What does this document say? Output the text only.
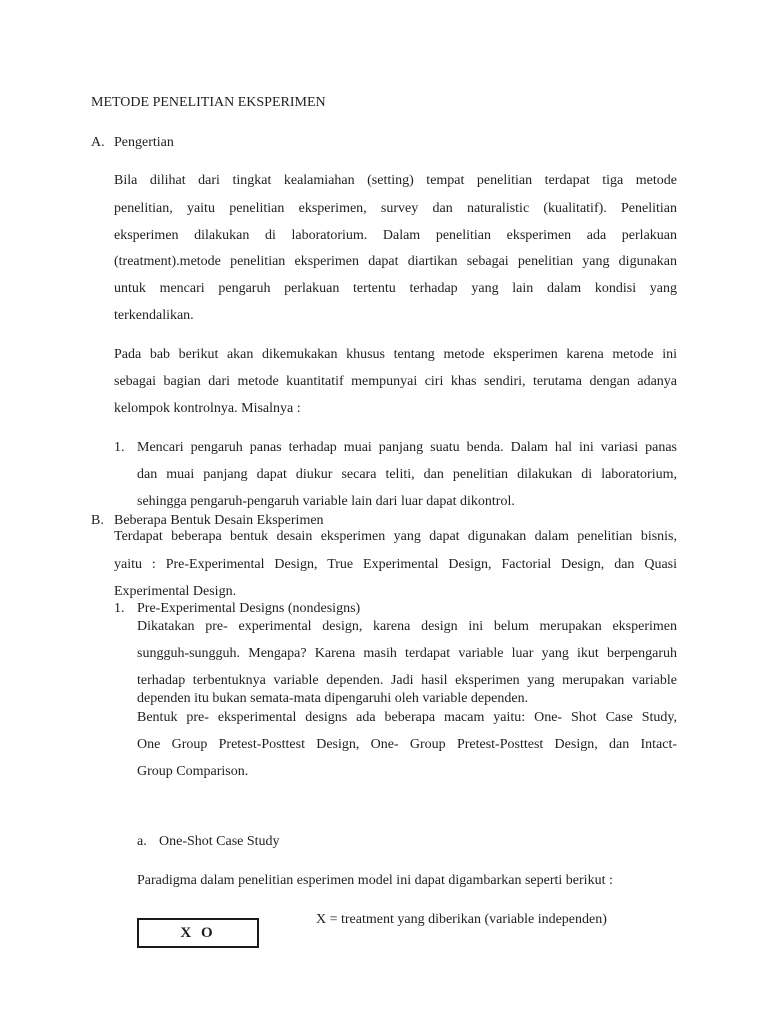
METODE PENELITIAN EKSPERIMEN
A. Pengertian
Bila dilihat dari tingkat kealamiahan (setting) tempat penelitian terdapat tiga metode
penelitian, yaitu penelitian eksperimen, survey dan naturalistic (kualitatif). Penelitian
eksperimen dilakukan di laboratorium. Dalam penelitian eksperimen ada perlakuan
(treatment).metode penelitian eksperimen dapat diartikan sebagai penelitian yang digunakan
untuk mencari pengaruh perlakuan tertentu terhadap yang lain dalam kondisi yang
terkendalikan.
Pada bab berikut akan dikemukakan khusus tentang metode eksperimen karena metode ini
sebagai bagian dari metode kuantitatif mempunyai ciri khas sendiri, terutama dengan adanya
kelompok kontrolnya. Misalnya :
1. Mencari pengaruh panas terhadap muai panjang suatu benda. Dalam hal ini variasi panas
dan muai panjang dapat diukur secara teliti, dan penelitian dilakukan di laboratorium,
sehingga pengaruh-pengaruh variable lain dari luar dapat dikontrol.
B. Beberapa Bentuk Desain Eksperimen
Terdapat beberapa bentuk desain eksperimen yang dapat digunakan dalam penelitian bisnis,
yaitu : Pre-Experimental Design, True Experimental Design, Factorial Design, dan Quasi
Experimental Design.
1. Pre-Experimental Designs (nondesigns)
Dikatakan pre- experimental design, karena design ini belum merupakan eksperimen
sungguh-sungguh. Mengapa? Karena masih terdapat variable luar yang ikut berpengaruh
terhadap terbentuknya variable dependen. Jadi hasil eksperimen yang merupakan variable
dependen itu bukan semata-mata dipengaruhi oleh variable dependen.
Bentuk pre- eksperimental designs ada beberapa macam yaitu: One- Shot Case Study,
One Group Pretest-Posttest Design, One- Group Pretest-Posttest Design, dan Intact-
Group Comparison.
a. One-Shot Case Study
Paradigma dalam penelitian esperimen model ini dapat digambarkan seperti berikut :
X O
X = treatment yang diberikan (variable independen)
